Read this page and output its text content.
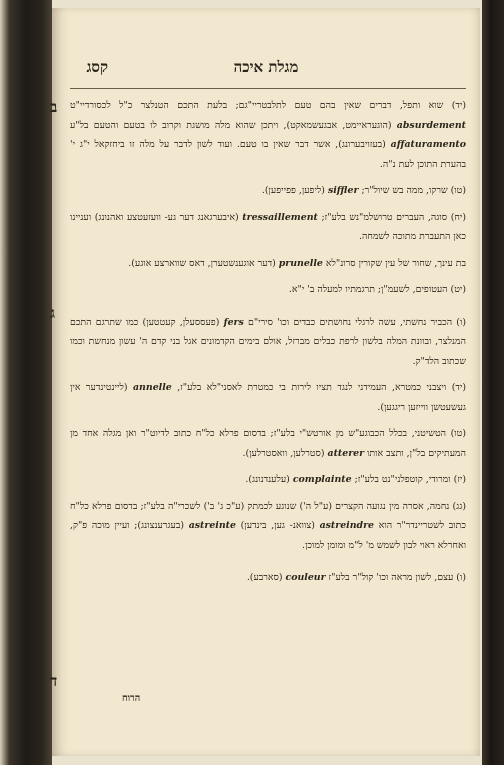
מגלת איכה
קסג
ב
ג
ד

(יד) שוא ותפל, דברים שאין בהם טעם לתלבטריי"גם; בלעת התכם הטנלצר כ"ל לכסורדיי"ט absurdement (הוגעראיימט, אבגעשמאקט), ויתכן שהוא מלה מושגת וקרוב לו בטעם והטעם בל"ע affaturamento (בעזויבערונג), אשר דבר שאין בו טעם. ועוד לשון לדבר על מלה זו ביחזקאל י"ג י' בהערת התוכן לעת נ"ה.

(טו) שרקו, ממה בש שיול"ר; siffler (ליפען, פפייפען).

(יח) סוגה, העברים טרושלמ"נש בלע"ז; tressaillement (איבערגאנג דער גע- וועזעטצע ואהנונג) ועניינו כאן התעברת מתוכה לשמחה.

בת עינך, שחור של עין שקורין סרונ"לא prunelle (דער אוגענשטערן, דאס שווארצע אוגע).

(יט) העטופים, לשעמ"ן; תרגמתיו למעלה ב' י"א.

(ו) הכביר נחשתי, עשה לרגלי נחושתים כבדים וכו' סירי"ם fers (פעססעלן, קעטטען) כמו שתרגם התכם המנלצר, ובוונת המלה בלשון לרפת כבלים מברזל, אולם בימים הקדמונים אגל בני קדם ה' עשון מנחשת וכמו שכתוב הלד"ק.

(יד) ויצבני כמטרא, העמידני לנגד תציו לירות בי כמטרת לאסני"לא בלע"ז, annelle (ליינטינדער אין געשעטשן ווייזען ריגגען).

(טו) הטשיטני, בכלל הכבוגע"ש מן אורטש"י בלע"ז; בדסום פרלא כל"ח כתוב לדיוט"ר ואן מגלה אחד מן המעתיקים בל"ן, ותצב אותו atterer (סטרלען, וואסטרלען).

(יז) ומרודי, קוטפלני"נט בלע"ז; complainte (עלענדנונג).

(גג) נחמה, אסרה מין נגועה הקצרים (ע"ל ה') שנוגע לכמתק (ע"כ ג' ב') לשכרי"ה בלע"ז; בדסום פרלא כל"ח כתוב לשטריינדר"ר הוא astreindre (צוואנ- גען, בינדען) astreinte (בעגרענצונג); ועיין מוכה פ"ק, ואחרלא ראוי לבון לשמש מ' ל"מ ומומן למוכן.

(ו) עצם, לשון מראה וכו' קול"ר בלע"ז couleur (סארבע).

הרוח
